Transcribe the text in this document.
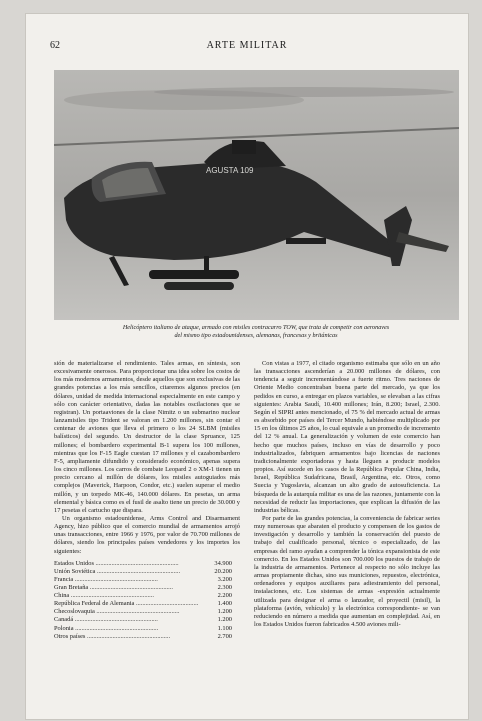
62	ARTE MILITAR
AGUSTA 109
Helicóptero italiano de ataque, armado con misiles contracarro TOW, que trata de competir con aeronaves
del mismo tipo estadounidenses, alemanas, francesas y británicas

sión de materializarse el rendimiento. Tales armas, en síntesis, son excesivamente onerosos. Para proporcionar una idea sobre los costos de los más modernos armamentos, desde aquellos que son exclusivas de las grandes potencias a los más sencillos, citaremos algunos precios (en dólares, unidad de medida internacional especialmente en este campo y sólo con carácter orientativo, dadas las notables oscilaciones que se registran). Un portaaviones de la clase Nimitz o un submarino nuclear lanzamisiles tipo Trident se valoran en 1.200 millones, sin contar el centenar de aviones que lleva el primero o los 24 SLBM (misiles balísticos) del segundo. Un destructor de la clase Spruance, 125 millones; el bombardero experimental B-1 supera los 100 millones, mientras que los F-15 Eagle cuestan 17 millones y el cazabombardero F-5, ampliamente difundido y considerado económico, apenas supera los cinco millones. Los carros de combate Leopard 2 o XM-1 tienen un precio cercano al millón de dólares, los misiles autoguiados más complejos (Maverick, Harpoon, Condor, etc.) suelen superar el medio millón, y un torpedo MK-46, 140.000 dólares. En pesetas, un arma elemental y básica como es el fusil de asalto tiene un precio de 30.000 y 17 pesetas el cartucho que dispara.

Un organismo estadounidense, Arms Control and Disarmament Agency, hizo público que el comercio mundial de armamentos arrojó unas transacciones, entre 1966 y 1976, por valor de 70.700 millones de dólares, siendo los principales países vendedores y los importes los siguientes:

Estados Unidos .....	34.900
Unión Soviética .....	20.200
Francia .....	3.200
Gran Bretaña .....	2.300
China .....	2.200
República Federal de Alemania .....	1.400
Checoslovaquia .....	1.200
Canadá .....	1.200
Polonia .....	1.100
Otros países .....	2.700

Con vistas a 1977, el citado organismo estimaba que sólo en un año las transacciones ascenderían a 20.000 millones de dólares, con tendencia a seguir incrementándose a fuerte ritmo. Tres naciones de Oriente Medio concentraban buena parte del mercado, ya que los pedidos en curso, a entregar en plazos variables, se elevaban a las cifras siguientes: Arabia Saudí, 10.400 millones; Irán, 8.200; Israel, 2.300. Según el SIPRI antes mencionado, el 75 % del mercado actual de armas es absorbido por países del Tercer Mundo, habiéndose multiplicado por 15 en los últimos 25 años, lo cual equivale a un promedio de incremento del 12 % anual. La generalización y volumen de este comercio han hecho que muchos países, incluso en vías de desarrollo y poco industrializados, fabriquen armamentos bajo licencias de naciones tradicionalmente exportadoras y hasta lleguen a producir modelos propios. Así sucede en los casos de la República Popular China, India, Israel, República Sudafricana, Brasil, Argentina, etc. Otros, como Suecia y Yugoslavia, alcanzan un alto grado de autosuficiencia. La búsqueda de la autarquía militar es una de las razones, juntamente con la necesidad de reducir las importaciones, que explican la difusión de las industrias bélicas.

Por parte de las grandes potencias, la conveniencia de fabricar series muy numerosas que abaraten el producto y compensen de los gastos de investigación y desarrollo y también la conservación del puesto de trabajo del cualificado personal, técnico o especializado, de las empresas del ramo ayudan a comprender la tónica expansionista de este comercio. En los Estados Unidos son 700.000 los puestos de trabajo de la industria de armamentos. Pertenece al respecto no sólo incluye las armas propiamente dichas, sino sus municiones, repuestos, electrónica, ordenadores y equipos auxiliares para adiestramiento del personal, instalaciones, etc. Los sistemas de armas -expresión actualmente utilizada para designar el arma o lanzador, el proyectil (misil), la plataforma (avión, vehículo) y la electrónica correspondiente- se van reduciendo en número a medida que aumentan en complejidad. Así, en los Estados Unidos fueron fabricados 4.500 aviones mili-
